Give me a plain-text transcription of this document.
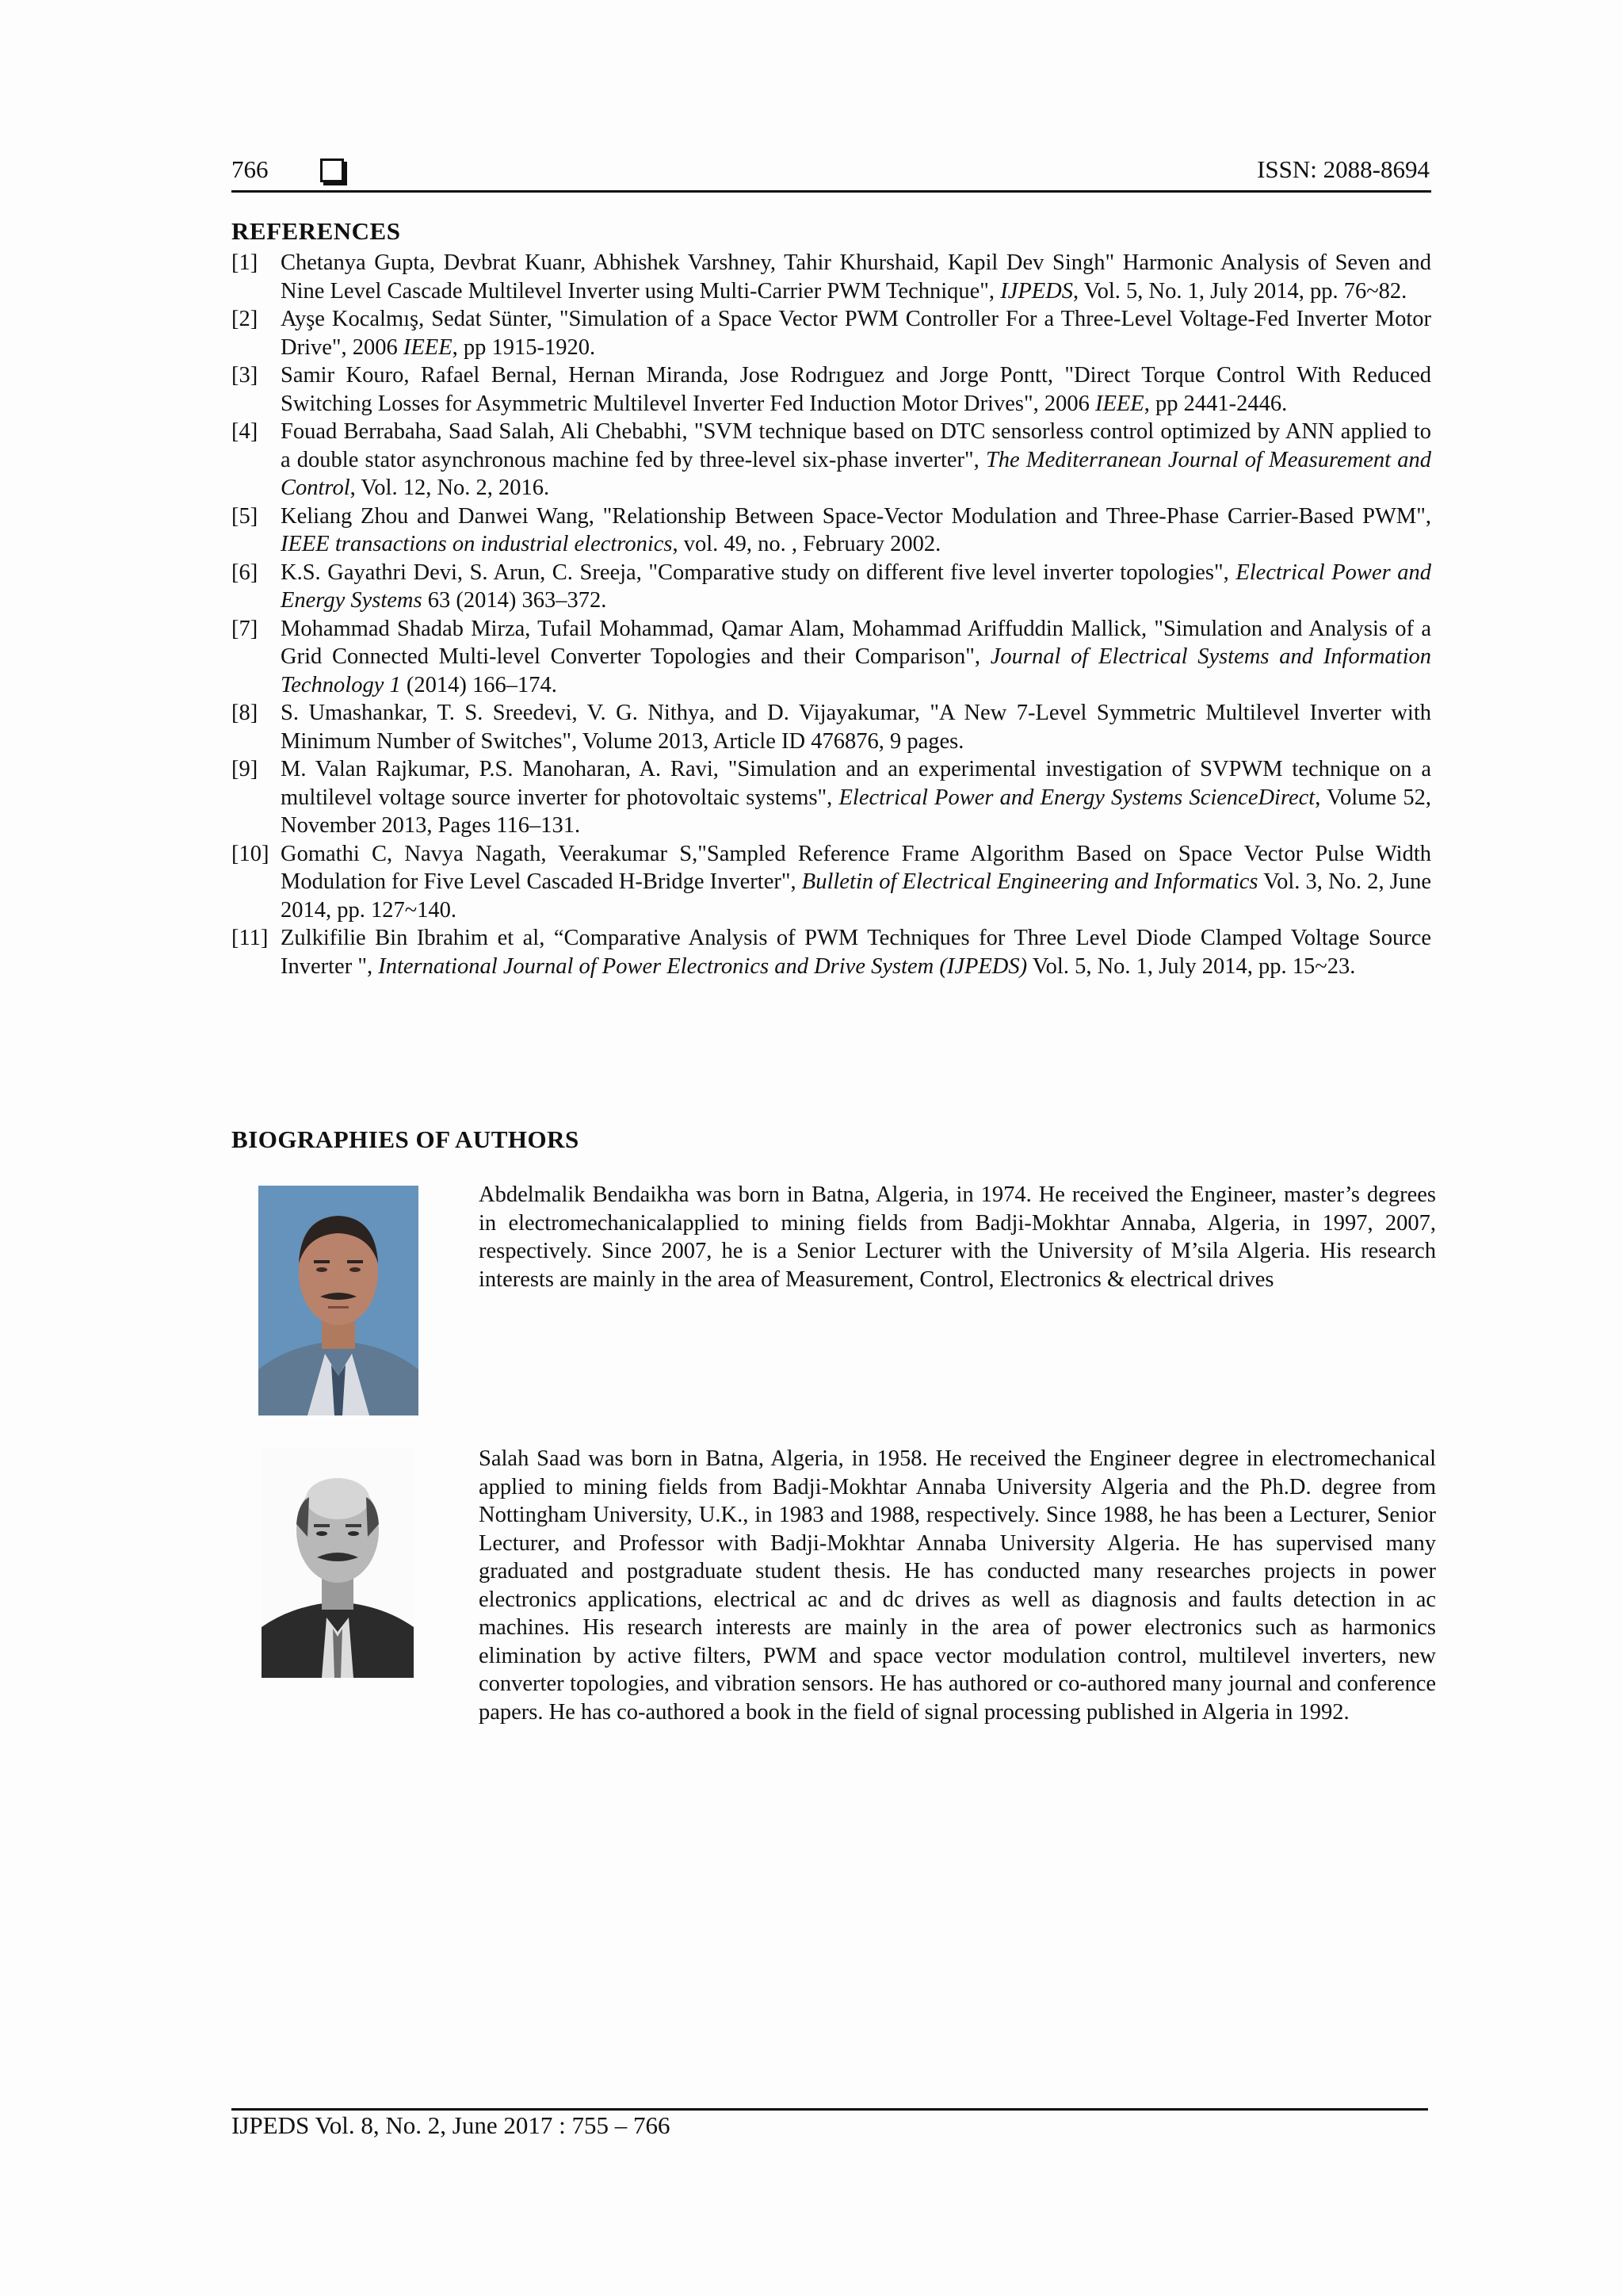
766	ISSN: 2088-8694
REFERENCES
[1] Chetanya Gupta, Devbrat Kuanr, Abhishek Varshney, Tahir Khurshaid, Kapil Dev Singh" Harmonic Analysis of Seven and Nine Level Cascade Multilevel Inverter using Multi-Carrier PWM Technique", IJPEDS, Vol. 5, No. 1, July 2014, pp. 76~82.
[2] Ayşe Kocalmış, Sedat Sünter, "Simulation of a Space Vector PWM Controller For a Three-Level Voltage-Fed Inverter Motor Drive", 2006 IEEE, pp 1915-1920.
[3] Samir Kouro, Rafael Bernal, Hernan Miranda, Jose Rodrıguez and Jorge Pontt, "Direct Torque Control With Reduced Switching Losses for Asymmetric Multilevel Inverter Fed Induction Motor Drives", 2006 IEEE, pp 2441-2446.
[4] Fouad Berrabaha, Saad Salah, Ali Chebabhi, "SVM technique based on DTC sensorless control optimized by ANN applied to a double stator asynchronous machine fed by three-level six-phase inverter", The Mediterranean Journal of Measurement and Control, Vol. 12, No. 2, 2016.
[5] Keliang Zhou and Danwei Wang, "Relationship Between Space-Vector Modulation and Three-Phase Carrier-Based PWM", IEEE transactions on industrial electronics, vol. 49, no. , February 2002.
[6] K.S. Gayathri Devi, S. Arun, C. Sreeja, "Comparative study on different five level inverter topologies", Electrical Power and Energy Systems 63 (2014) 363–372.
[7] Mohammad Shadab Mirza, Tufail Mohammad, Qamar Alam, Mohammad Ariffuddin Mallick, "Simulation and Analysis of a Grid Connected Multi-level Converter Topologies and their Comparison", Journal of Electrical Systems and Information Technology 1 (2014) 166–174.
[8] S. Umashankar, T. S. Sreedevi, V. G. Nithya, and D. Vijayakumar, "A New 7-Level Symmetric Multilevel Inverter with Minimum Number of Switches", Volume 2013, Article ID 476876, 9 pages.
[9] M. Valan Rajkumar, P.S. Manoharan, A. Ravi, "Simulation and an experimental investigation of SVPWM technique on a multilevel voltage source inverter for photovoltaic systems", Electrical Power and Energy Systems ScienceDirect, Volume 52, November 2013, Pages 116–131.
[10] Gomathi C, Navya Nagath, Veerakumar S,"Sampled Reference Frame Algorithm Based on Space Vector Pulse Width Modulation for Five Level Cascaded H-Bridge Inverter", Bulletin of Electrical Engineering and Informatics Vol. 3, No. 2, June 2014, pp. 127~140.
[11] Zulkifilie Bin Ibrahim et al, “Comparative Analysis of PWM Techniques for Three Level Diode Clamped Voltage Source Inverter ", International Journal of Power Electronics and Drive System (IJPEDS) Vol. 5, No. 1, July 2014, pp. 15~23.
BIOGRAPHIES OF AUTHORS
Abdelmalik Bendaikha was born in Batna, Algeria, in 1974. He received the Engineer, master’s degrees in electromechanicalapplied to mining fields from Badji-Mokhtar Annaba, Algeria, in 1997, 2007, respectively. Since 2007, he is a Senior Lecturer with the University of M’sila Algeria. His research interests are mainly in the area of Measurement, Control, Electronics & electrical drives
Salah Saad was born in Batna, Algeria, in 1958. He received the Engineer degree in electromechanical applied to mining fields from Badji-Mokhtar Annaba University Algeria and the Ph.D. degree from Nottingham University, U.K., in 1983 and 1988, respectively. Since 1988, he has been a Lecturer, Senior Lecturer, and Professor with Badji-Mokhtar Annaba University Algeria. He has supervised many graduated and postgraduate student thesis. He has conducted many researches projects in power electronics applications, electrical ac and dc drives as well as diagnosis and faults detection in ac machines. His research interests are mainly in the area of power electronics such as harmonics elimination by active filters, PWM and space vector modulation control, multilevel inverters, new converter topologies, and vibration sensors. He has authored or co-authored many journal and conference papers. He has co-authored a book in the field of signal processing published in Algeria in 1992.
IJPEDS Vol. 8, No. 2, June 2017 : 755 – 766
